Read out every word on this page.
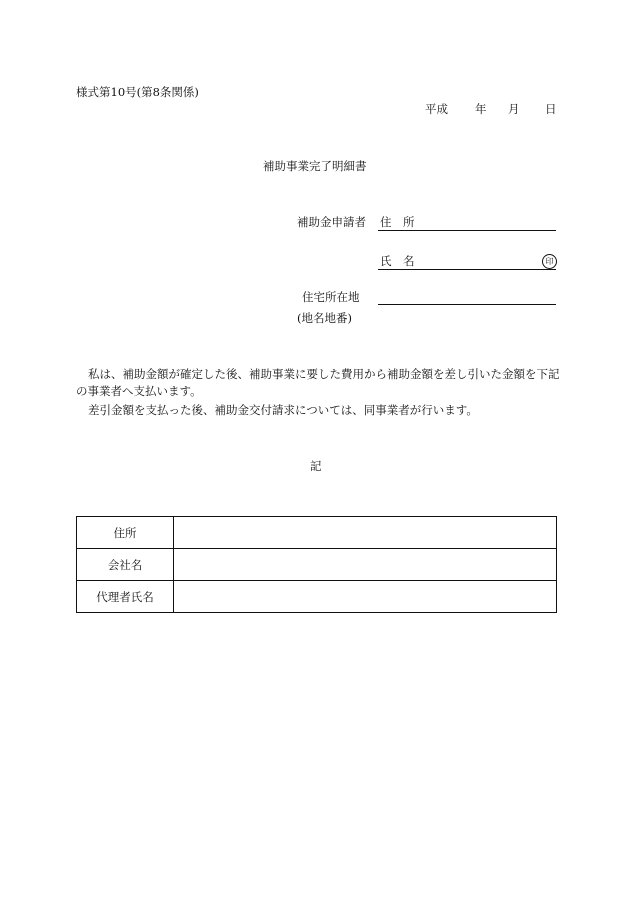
様式第10号(第8条関係)
平成 年 月 日
補助事業完了明細書
補助金申請者 住　所
氏　名	印
住宅所在地
(地名地番)
私は、補助金額が確定した後、補助事業に要した費用から補助金額を差し引いた金額を下記の事業者へ支払います。
差引金額を支払った後、補助金交付請求については、同事業者が行います。
記
住所	
会社名	
代理者氏名	
